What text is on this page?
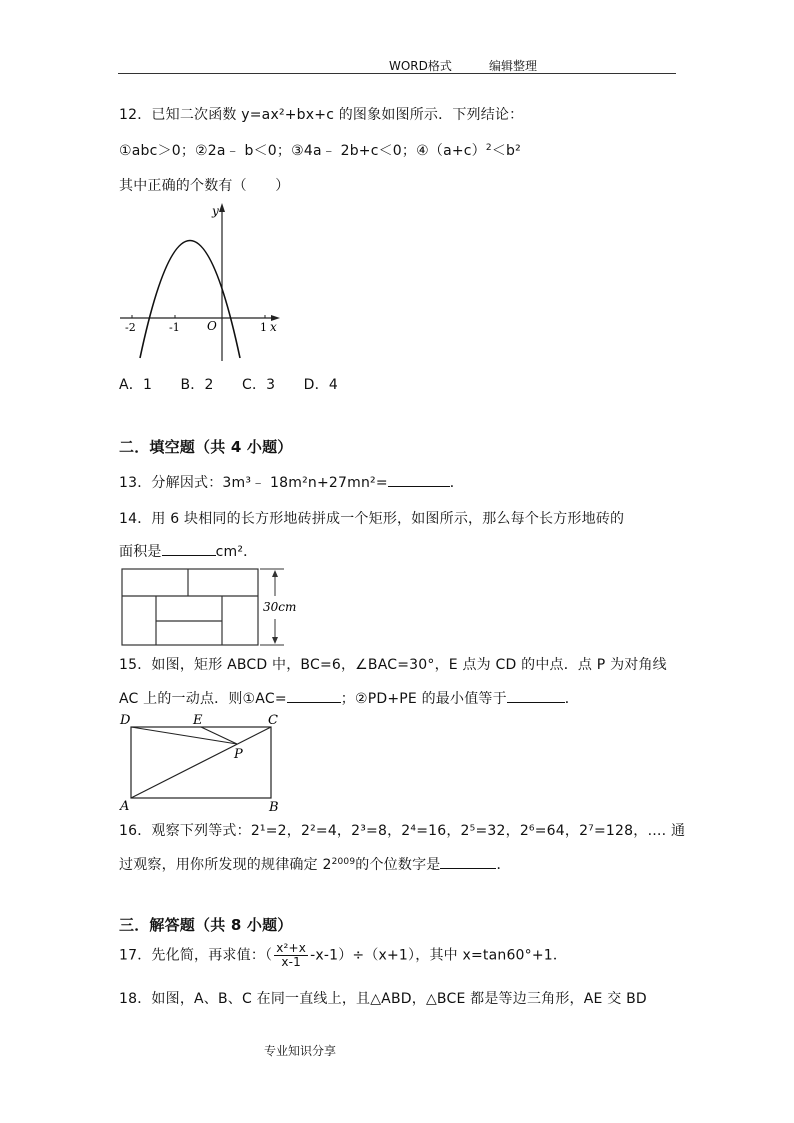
WORD格式	编辑整理
12．已知二次函数 y=ax²+bx+c 的图象如图所示．下列结论：
①abc＞0；②2a﹣ b＜0；③4a﹣ 2b+c＜0；$④(a+c)^2<b^2$
其中正确的个数有（　　）
y
x
O
-2	-1	1
A．1　　B．2　　C．3　　D．4
二．填空题（共 4 小题）
13．分解因式：3m³﹣ 18m²n+27mn²=	．
14．用 6 块相同的长方形地砖拼成一个矩形，如图所示，那么每个长方形地砖的
面积是	cm²．
30cm
15．如图，矩形 ABCD 中，BC=6，∠BAC=30°，E 点为 CD 的中点．点 P 为对角线
AC 上的一动点．则①AC=	；②PD+PE 的最小值等于	．
D	E	C
P
A	B
16．观察下列等式：2¹=2，2²=4，2³=8，2⁴=16，2⁵=32，2⁶=64，2⁷=128，…. 通
过观察，用你所发现的规律确定 $2^{2009}$的个位数字是	．
三．解答题（共 8 小题）
17．先化简，再求值：（ $\frac{\text{x²+x}}{x-1} -x-1)\div(x+1)$，其中 x=tan60°+1．
18．如图，A、B、C 在同一直线上，且△ABD，△BCE 都是等边三角形，AE 交 BD
专业知识分享
